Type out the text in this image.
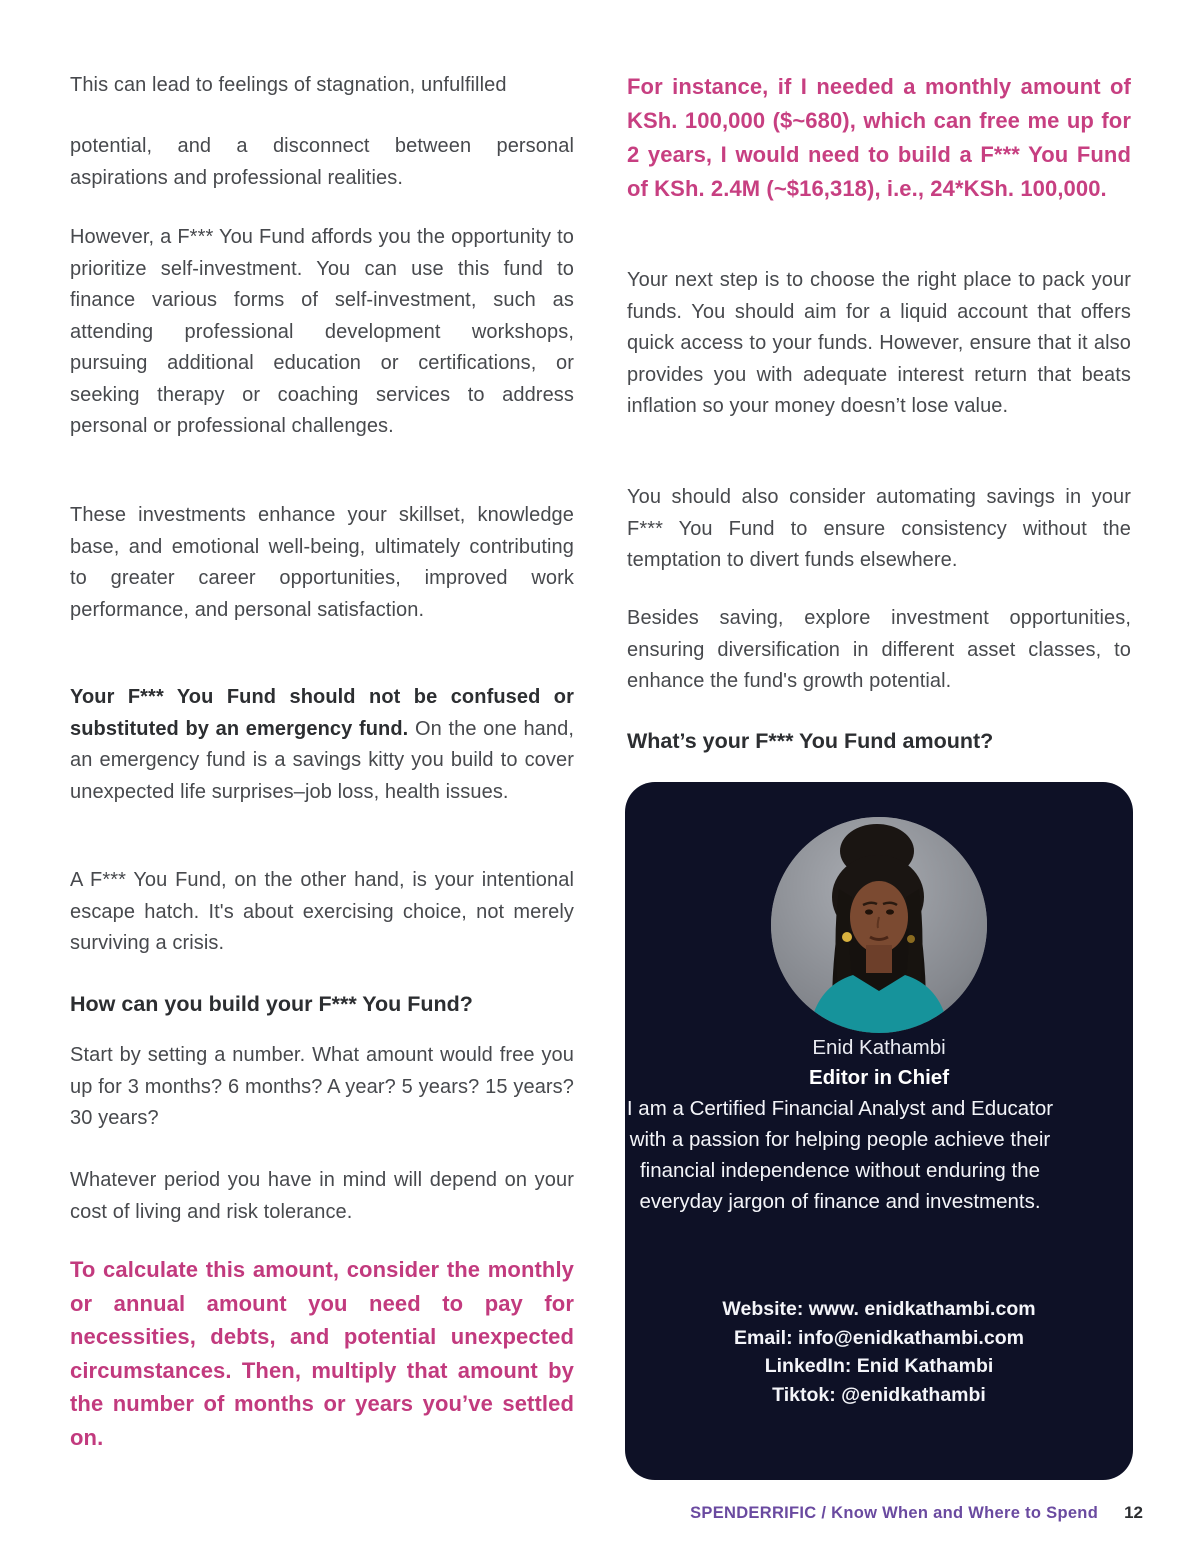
This can lead to feelings of stagnation, unfulfilled

potential, and a disconnect between personal aspirations and professional realities.

However, a F*** You Fund affords you the opportunity to prioritize self-investment. You can use this fund to finance various forms of self-investment, such as attending professional development workshops, pursuing additional education or certifications, or seeking therapy or coaching services to address personal or professional challenges.

These investments enhance your skillset, knowledge base, and emotional well-being, ultimately contributing to greater career opportunities, improved work performance, and personal satisfaction.

Your F*** You Fund should not be confused or substituted by an emergency fund. On the one hand, an emergency fund is a savings kitty you build to cover unexpected life surprises–job loss, health issues.

A F*** You Fund, on the other hand, is your intentional escape hatch. It's about exercising choice, not merely surviving a crisis.

How can you build your F*** You Fund?

Start by setting a number. What amount would free you up for 3 months? 6 months? A year? 5 years? 15 years? 30 years?

Whatever period you have in mind will depend on your cost of living and risk tolerance.

To calculate this amount, consider the monthly or annual amount you need to pay for necessities, debts, and potential unexpected circumstances. Then, multiply that amount by the number of months or years you’ve settled on.

For instance, if I needed a monthly amount of KSh. 100,000 ($~680), which can free me up for 2 years, I would need to build a F*** You Fund of KSh. 2.4M (~$16,318), i.e., 24*KSh. 100,000.

Your next step is to choose the right place to pack your funds. You should aim for a liquid account that offers quick access to your funds. However, ensure that it also provides you with adequate interest return that beats inflation so your money doesn’t lose value.

You should also consider automating savings in your F*** You Fund to ensure consistency without the temptation to divert funds elsewhere.

Besides saving, explore investment opportunities, ensuring diversification in different asset classes, to enhance the fund's growth potential.

What’s your F*** You Fund amount?

Enid Kathambi

Editor in Chief

I am a Certified Financial Analyst and Educator with a passion for helping people achieve their financial independence without enduring the everyday jargon of finance and investments.

Website: www. enidkathambi.com

Email: info@enidkathambi.com

LinkedIn: Enid Kathambi

Tiktok: @enidkathambi

SPENDERRIFIC / Know When and Where to Spend 12
